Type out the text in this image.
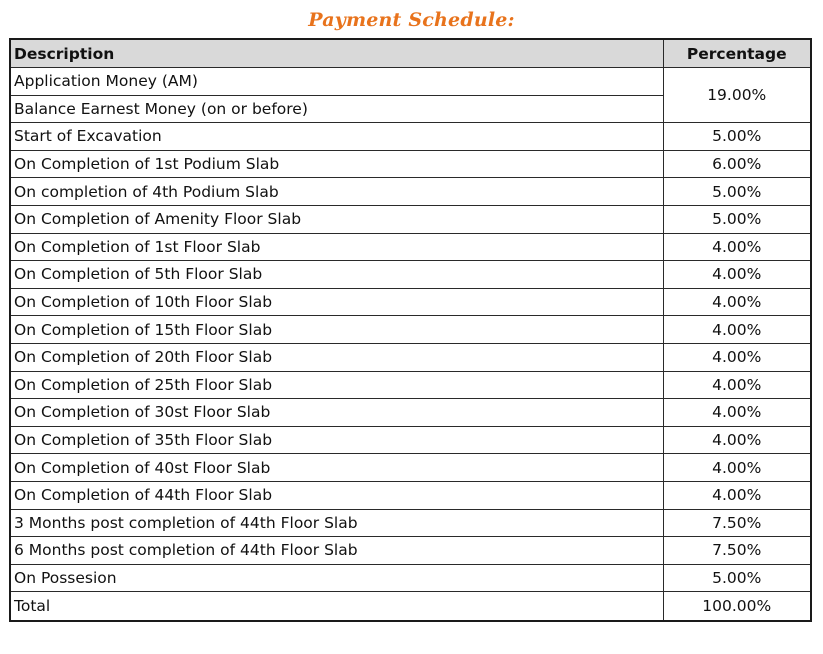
Payment Schedule:
Description	Percentage
Application Money (AM)	19.00%
Balance Earnest Money (on or before)	
Start of Excavation	5.00%
On Completion of 1st Podium Slab	6.00%
On completion of 4th Podium Slab	5.00%
On Completion of Amenity Floor Slab	5.00%
On Completion of 1st Floor Slab	4.00%
On Completion of 5th Floor Slab	4.00%
On Completion of 10th Floor Slab	4.00%
On Completion of 15th Floor Slab	4.00%
On Completion of 20th Floor Slab	4.00%
On Completion of 25th Floor Slab	4.00%
On Completion of 30st Floor Slab	4.00%
On Completion of 35th Floor Slab	4.00%
On Completion of 40st Floor Slab	4.00%
On Completion of 44th Floor Slab	4.00%
3 Months post completion of 44th Floor Slab	7.50%
6 Months post completion of 44th Floor Slab	7.50%
On Possesion	5.00%
Total	100.00%
